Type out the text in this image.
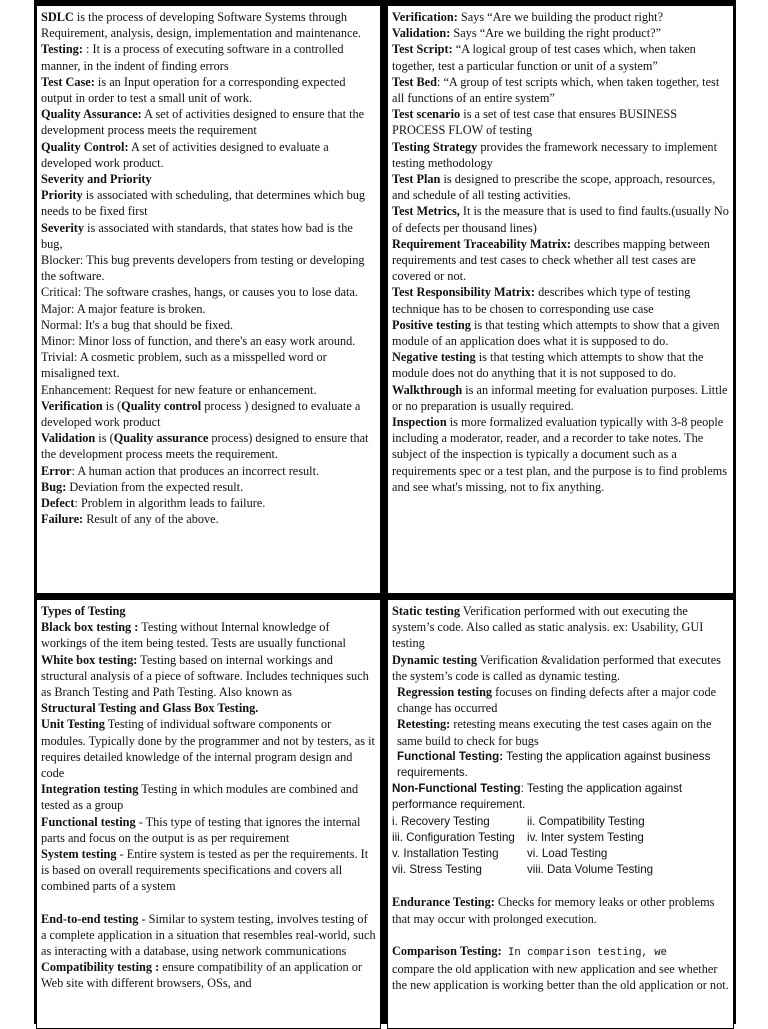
SDLC is the process of developing Software Systems through Requirement, analysis, design, implementation and maintenance.

Testing: : It is a process of executing software in a controlled manner, in the indent of finding errors

Test Case: is an Input operation for a corresponding expected output in order to test a small unit of work.

Quality Assurance: A set of activities designed to ensure that the development process meets the requirement

Quality Control: A set of activities designed to evaluate a developed work product.

Severity and Priority

Priority is associated with scheduling, that determines which bug needs to be fixed first

Severity is associated with standards, that states how bad is the bug,

Blocker: This bug prevents developers from testing or developing the software.

Critical: The software crashes, hangs, or causes you to lose data.

Major: A major feature is broken.

Normal: It's a bug that should be fixed.

Minor: Minor loss of function, and there's an easy work around.

Trivial: A cosmetic problem, such as a misspelled word or misaligned text.

Enhancement: Request for new feature or enhancement.

Verification is (Quality control process ) designed to evaluate a developed work product

Validation is (Quality assurance process) designed to ensure that the development process meets the requirement.

Error: A human action that produces an incorrect result.

Bug: Deviation from the expected result.

Defect: Problem in algorithm leads to failure.

Failure: Result of any of the above.

Verification: Says “Are we building the product right?

Validation: Says “Are we building the right product?”

Test Script: “A logical group of test cases which, when taken together, test a particular function or unit of a system”

Test Bed: “A group of test scripts which, when taken together, test all functions of an entire system”

Test scenario is a set of test case that ensures BUSINESS PROCESS FLOW of testing

Testing Strategy provides the framework necessary to implement testing methodology

Test Plan is designed to prescribe the scope, approach, resources, and schedule of all testing activities.

Test Metrics, It is the measure that is used to find faults.(usually No of defects per thousand lines)

Requirement Traceability Matrix: describes mapping between requirements and test cases to check whether all test cases are covered or not.

Test Responsibility Matrix: describes which type of testing technique has to be chosen to corresponding use case

Positive testing is that testing which attempts to show that a given module of an application does what it is supposed to do.

Negative testing is that testing which attempts to show that the module does not do anything that it is not supposed to do.

Walkthrough is an informal meeting for evaluation purposes. Little or no preparation is usually required.

Inspection is more formalized evaluation typically with 3-8 people including a moderator, reader, and a recorder to take notes. The subject of the inspection is typically a document such as a requirements spec or a test plan, and the purpose is to find problems and see what's missing, not to fix anything.

Types of Testing

Black box testing : Testing without Internal knowledge of workings of the item being tested. Tests are usually functional

White box testing: Testing based on internal workings and structural analysis of a piece of software. Includes techniques such as Branch Testing and Path Testing. Also known as

Structural Testing and Glass Box Testing.

Unit Testing Testing of individual software components or modules. Typically done by the programmer and not by testers, as it requires detailed knowledge of the internal program design and code

Integration testing Testing in which modules are combined and tested as a group

Functional testing - This type of testing that ignores the internal parts and focus on the output is as per requirement

System testing - Entire system is tested as per the requirements. It is based on overall requirements specifications and covers all combined parts of a system

End-to-end testing - Similar to system testing, involves testing of a complete application in a situation that resembles real-world, such as interacting with a database, using network communications

Compatibility testing : ensure compatibility of an application or Web site with different browsers, OSs, and

Static testing Verification performed with out executing the system’s code. Also called as static analysis. ex: Usability, GUI testing

Dynamic testing Verification &validation performed that executes the system’s code is called as dynamic testing.

Regression testing focuses on finding defects after a major code change has occurred

Retesting: retesting means executing the test cases again on the same build to check for bugs

Functional Testing: Testing the application against business requirements.

Non-Functional Testing: Testing the application against performance requirement.

i. Recovery Testing	ii. Compatibility Testing
iii. Configuration Testing	iv. Inter system Testing
v. Installation Testing	vi. Load Testing
vii. Stress Testing	viii. Data Volume Testing

Endurance Testing: Checks for memory leaks or other problems that may occur with prolonged execution.

Comparison Testing: In comparison testing, we
compare the old application with new application and see whether the new application is working better than the old application or not.
